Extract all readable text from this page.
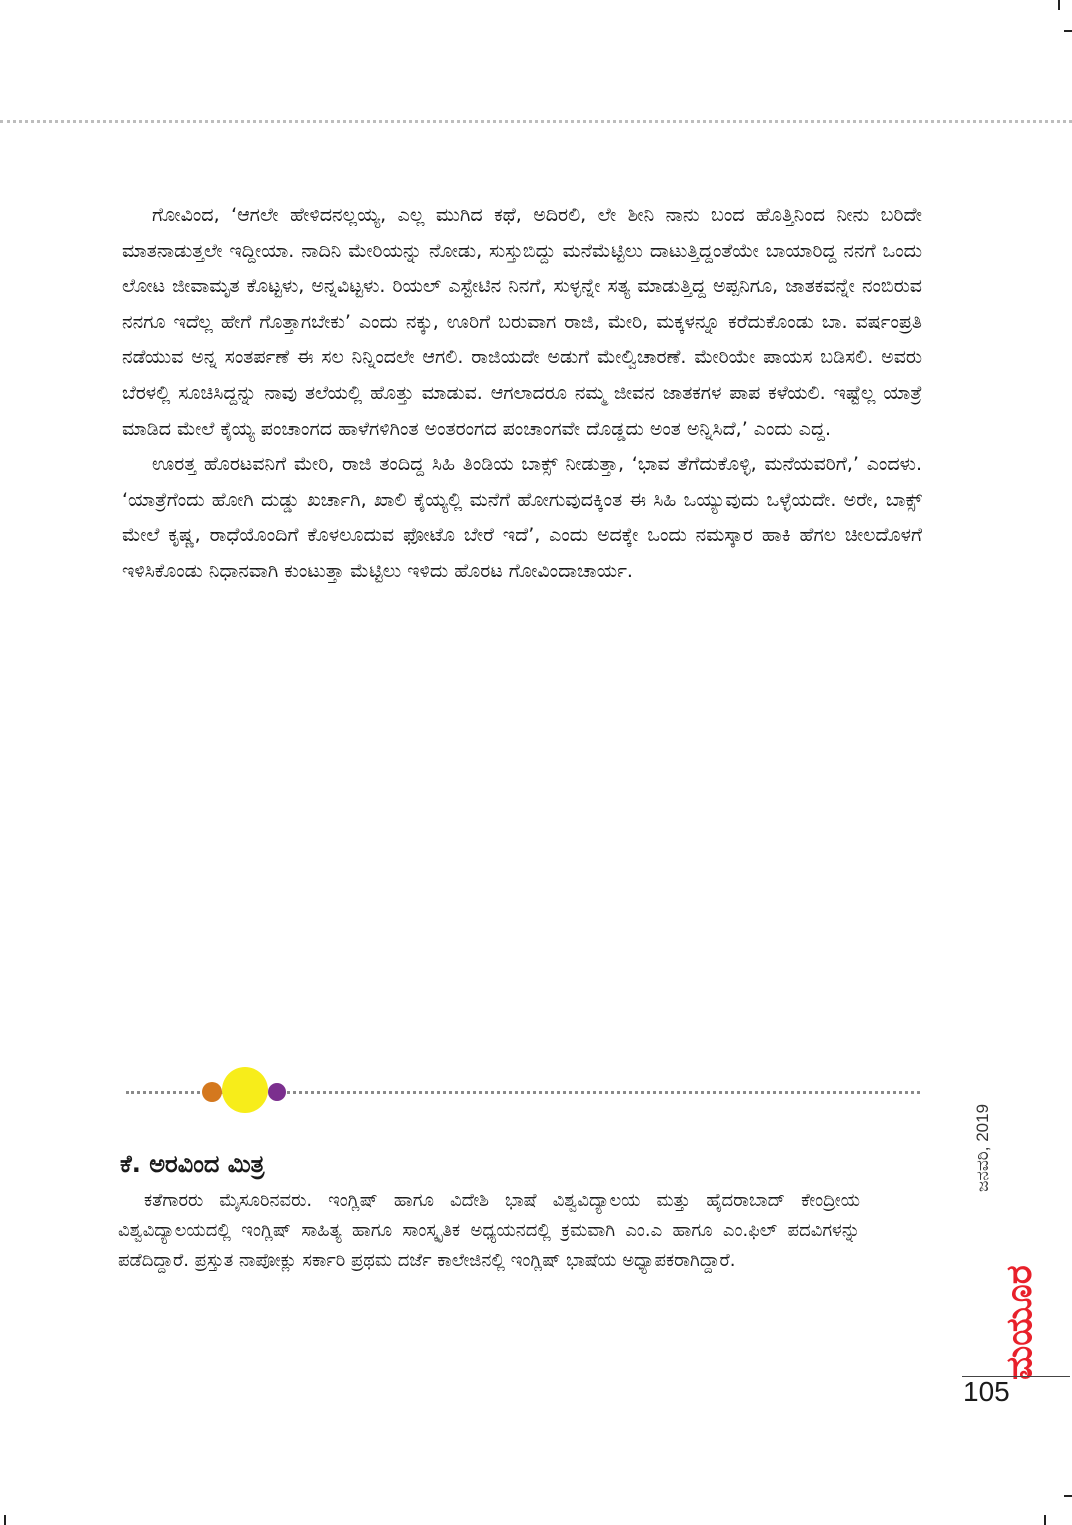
ಗೋವಿಂದ, ‘ಆಗಲೇ ಹೇಳಿದನಲ್ಲಯ್ಯ, ಎಲ್ಲ ಮುಗಿದ ಕಥೆ, ಅದಿರಲಿ, ಲೇ ಶೀನಿ ನಾನು ಬಂದ ಹೊತ್ತಿನಿಂದ ನೀನು ಬರಿದೇ ಮಾತನಾಡುತ್ತಲೇ ಇದ್ದೀಯಾ. ನಾದಿನಿ ಮೇರಿಯನ್ನು ನೋಡು, ಸುಸ್ತುಬಿದ್ದು ಮನೆಮೆಟ್ಟಿಲು ದಾಟುತ್ತಿದ್ದಂತೆಯೇ ಬಾಯಾರಿದ್ದ ನನಗೆ ಒಂದು ಲೋಟ ಜೀವಾಮೃತ ಕೊಟ್ಟಳು, ಅನ್ನವಿಟ್ಟಳು. ರಿಯಲ್ ಎಸ್ಟೇಟಿನ ನಿನಗೆ, ಸುಳ್ಳನ್ನೇ ಸತ್ಯ ಮಾಡುತ್ತಿದ್ದ ಅಪ್ಪನಿಗೂ, ಜಾತಕವನ್ನೇ ನಂಬಿರುವ ನನಗೂ ಇದೆಲ್ಲ ಹೇಗೆ ಗೊತ್ತಾಗಬೇಕು’ ಎಂದು ನಕ್ಕು, ಊರಿಗೆ ಬರುವಾಗ ರಾಜಿ, ಮೇರಿ, ಮಕ್ಕಳನ್ನೂ ಕರೆದುಕೊಂಡು ಬಾ. ವರ್ಷಂಪ್ರತಿ ನಡೆಯುವ ಅನ್ನ ಸಂತರ್ಪಣೆ ಈ ಸಲ ನಿನ್ನಿಂದಲೇ ಆಗಲಿ. ರಾಜಿಯದೇ ಅಡುಗೆ ಮೇಲ್ವಿಚಾರಣೆ. ಮೇರಿಯೇ ಪಾಯಸ ಬಡಿಸಲಿ. ಅವರು ಬೆರಳಲ್ಲಿ ಸೂಚಿಸಿದ್ದನ್ನು ನಾವು ತಲೆಯಲ್ಲಿ ಹೊತ್ತು ಮಾಡುವ. ಆಗಲಾದರೂ ನಮ್ಮ ಜೀವನ ಜಾತಕಗಳ ಪಾಪ ಕಳೆಯಲಿ. ಇಷ್ಟೆಲ್ಲ ಯಾತ್ರೆ ಮಾಡಿದ ಮೇಲೆ ಕೈಯ್ಯ ಪಂಚಾಂಗದ ಹಾಳೆಗಳಿಗಿಂತ ಅಂತರಂಗದ ಪಂಚಾಂಗವೇ ದೊಡ್ಡದು ಅಂತ ಅನ್ನಿಸಿದೆ,’ ಎಂದು ಎದ್ದ.

ಊರತ್ತ ಹೊರಟವನಿಗೆ ಮೇರಿ, ರಾಜಿ ತಂದಿದ್ದ ಸಿಹಿ ತಿಂಡಿಯ ಬಾಕ್ಸ್ ನೀಡುತ್ತಾ, ‘ಭಾವ ತೆಗೆದುಕೊಳ್ಳಿ, ಮನೆಯವರಿಗೆ,’ ಎಂದಳು. ‘ಯಾತ್ರೆಗೆಂದು ಹೋಗಿ ದುಡ್ಡು ಖರ್ಚಾಗಿ, ಖಾಲಿ ಕೈಯ್ಯಲ್ಲಿ ಮನೆಗೆ ಹೋಗುವುದಕ್ಕಿಂತ ಈ ಸಿಹಿ ಒಯ್ಯುವುದು ಒಳ್ಳೆಯದೇ. ಅರೇ, ಬಾಕ್ಸ್ ಮೇಲೆ ಕೃಷ್ಣ, ರಾಧೆಯೊಂದಿಗೆ ಕೊಳಲೂದುವ ಫೋಟೊ ಬೇರೆ ಇದೆ’, ಎಂದು ಅದಕ್ಕೇ ಒಂದು ನಮಸ್ಕಾರ ಹಾಕಿ ಹೆಗಲ ಚೀಲದೊಳಗೆ ಇಳಿಸಿಕೊಂಡು ನಿಧಾನವಾಗಿ ಕುಂಟುತ್ತಾ ಮೆಟ್ಟಿಲು ಇಳಿದು ಹೊರಟ ಗೋವಿಂದಾಚಾರ್ಯ.

ಕೆ. ಅರವಿಂದ ಮಿತ್ರ

ಕತೆಗಾರರು ಮೈಸೂರಿನವರು. ಇಂಗ್ಲಿಷ್ ಹಾಗೂ ವಿದೇಶಿ ಭಾಷೆ ವಿಶ್ವವಿದ್ಯಾಲಯ ಮತ್ತು ಹೈದರಾಬಾದ್ ಕೇಂದ್ರೀಯ ವಿಶ್ವವಿದ್ಯಾಲಯದಲ್ಲಿ ಇಂಗ್ಲಿಷ್ ಸಾಹಿತ್ಯ ಹಾಗೂ ಸಾಂಸ್ಕೃತಿಕ ಅಧ್ಯಯನದಲ್ಲಿ ಕ್ರಮವಾಗಿ ಎಂ.ಎ ಹಾಗೂ ಎಂ.ಫಿಲ್ ಪದವಿಗಳನ್ನು ಪಡೆದಿದ್ದಾರೆ. ಪ್ರಸ್ತುತ ನಾಪೋಕ್ಲು ಸರ್ಕಾರಿ ಪ್ರಥಮ ದರ್ಜೆ ಕಾಲೇಜಿನಲ್ಲಿ ಇಂಗ್ಲಿಷ್ ಭಾಷೆಯ ಅಧ್ಯಾಪಕರಾಗಿದ್ದಾರೆ.

ಜನವರಿ, 2019
ಮಯೂರ
105
